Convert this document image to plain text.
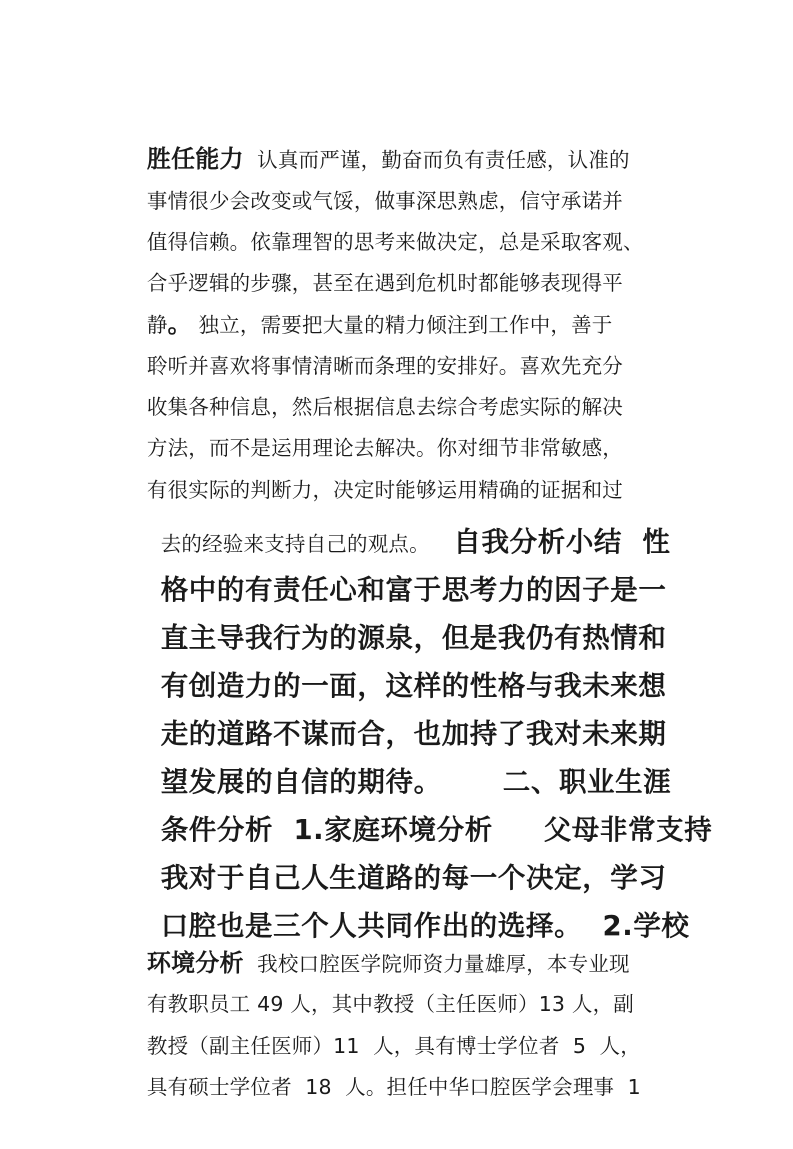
胜任能力  认真而严谨，勤奋而负有责任感，认准的

事情很少会改变或气馁，做事深思熟虑，信守承诺并

值得信赖。依靠理智的思考来做决定，总是采取客观、

合乎逻辑的步骤，甚至在遇到危机时都能够表现得平

静。 独立，需要把大量的精力倾注到工作中，善于

聆听并喜欢将事情清晰而条理的安排好。喜欢先充分

收集各种信息，然后根据信息去综合考虑实际的解决

方法，而不是运用理论去解决。你对细节非常敏感，

有很实际的判断力，决定时能够运用精确的证据和过

去的经验来支持自己的观点。   自我分析小结  性

格中的有责任心和富于思考力的因子是一

直主导我行为的源泉，但是我仍有热情和

有创造力的一面，这样的性格与我未来想

走的道路不谋而合，也加持了我对未来期

望发展的自信的期待。      二、职业生涯

条件分析  1.家庭环境分析     父母非常支持

我对于自己人生道路的每一个决定，学习

口腔也是三个人共同作出的选择。  2.学校

环境分析  我校口腔医学院师资力量雄厚，本专业现

有教职员工 49 人，其中教授（主任医师）13 人，副

教授（副主任医师）11  人，具有博士学位者  5  人，

具有硕士学位者  18  人。担任中华口腔医学会理事  1
